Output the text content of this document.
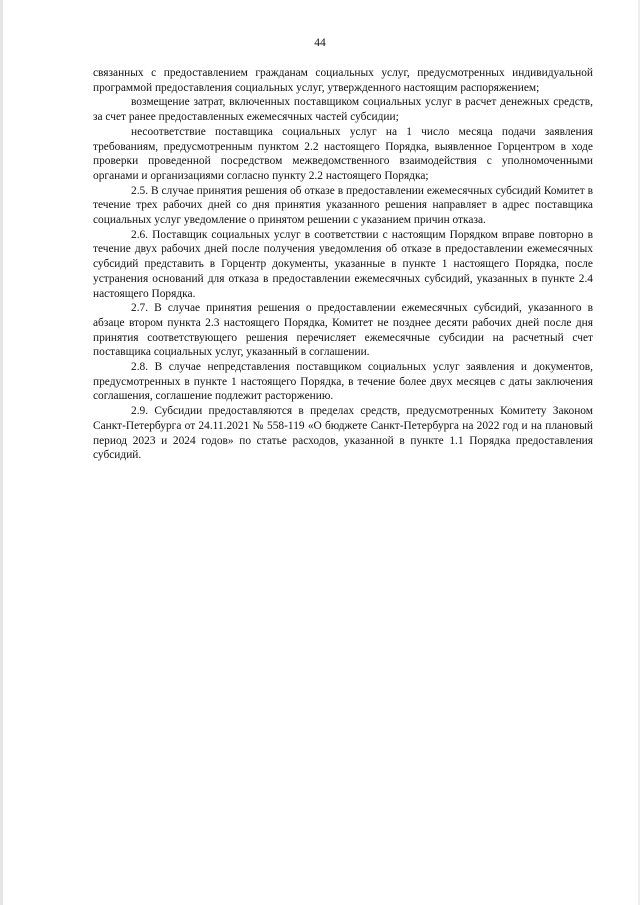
44

связанных с предоставлением гражданам социальных услуг, предусмотренных индивидуальной программой предоставления социальных услуг, утвержденного настоящим распоряжением;

возмещение затрат, включенных поставщиком социальных услуг в расчет денежных средств, за счет ранее предоставленных ежемесячных частей субсидии;

несоответствие поставщика социальных услуг на 1 число месяца подачи заявления требованиям, предусмотренным пунктом 2.2 настоящего Порядка, выявленное Горцентром в ходе проверки проведенной посредством межведомственного взаимодействия с уполномоченными органами и организациями согласно пункту 2.2 настоящего Порядка;

2.5. В случае принятия решения об отказе в предоставлении ежемесячных субсидий Комитет в течение трех рабочих дней со дня принятия указанного решения направляет в адрес поставщика социальных услуг уведомление о принятом решении с указанием причин отказа.

2.6. Поставщик социальных услуг в соответствии с настоящим Порядком вправе повторно в течение двух рабочих дней после получения уведомления об отказе в предоставлении ежемесячных субсидий представить в Горцентр документы, указанные в пункте 1 настоящего Порядка, после устранения оснований для отказа в предоставлении ежемесячных субсидий, указанных в пункте 2.4 настоящего Порядка.

2.7. В случае принятия решения о предоставлении ежемесячных субсидий, указанного в абзаце втором пункта 2.3 настоящего Порядка, Комитет не позднее десяти рабочих дней после дня принятия соответствующего решения перечисляет ежемесячные субсидии на расчетный счет поставщика социальных услуг, указанный в соглашении.

2.8. В случае непредставления поставщиком социальных услуг заявления и документов, предусмотренных в пункте 1 настоящего Порядка, в течение более двух месяцев с даты заключения соглашения, соглашение подлежит расторжению.

2.9. Субсидии предоставляются в пределах средств, предусмотренных Комитету Законом Санкт-Петербурга от 24.11.2021 № 558-119 «О бюджете Санкт-Петербурга на 2022 год и на плановый период 2023 и 2024 годов» по статье расходов, указанной в пункте 1.1 Порядка предоставления субсидий.
